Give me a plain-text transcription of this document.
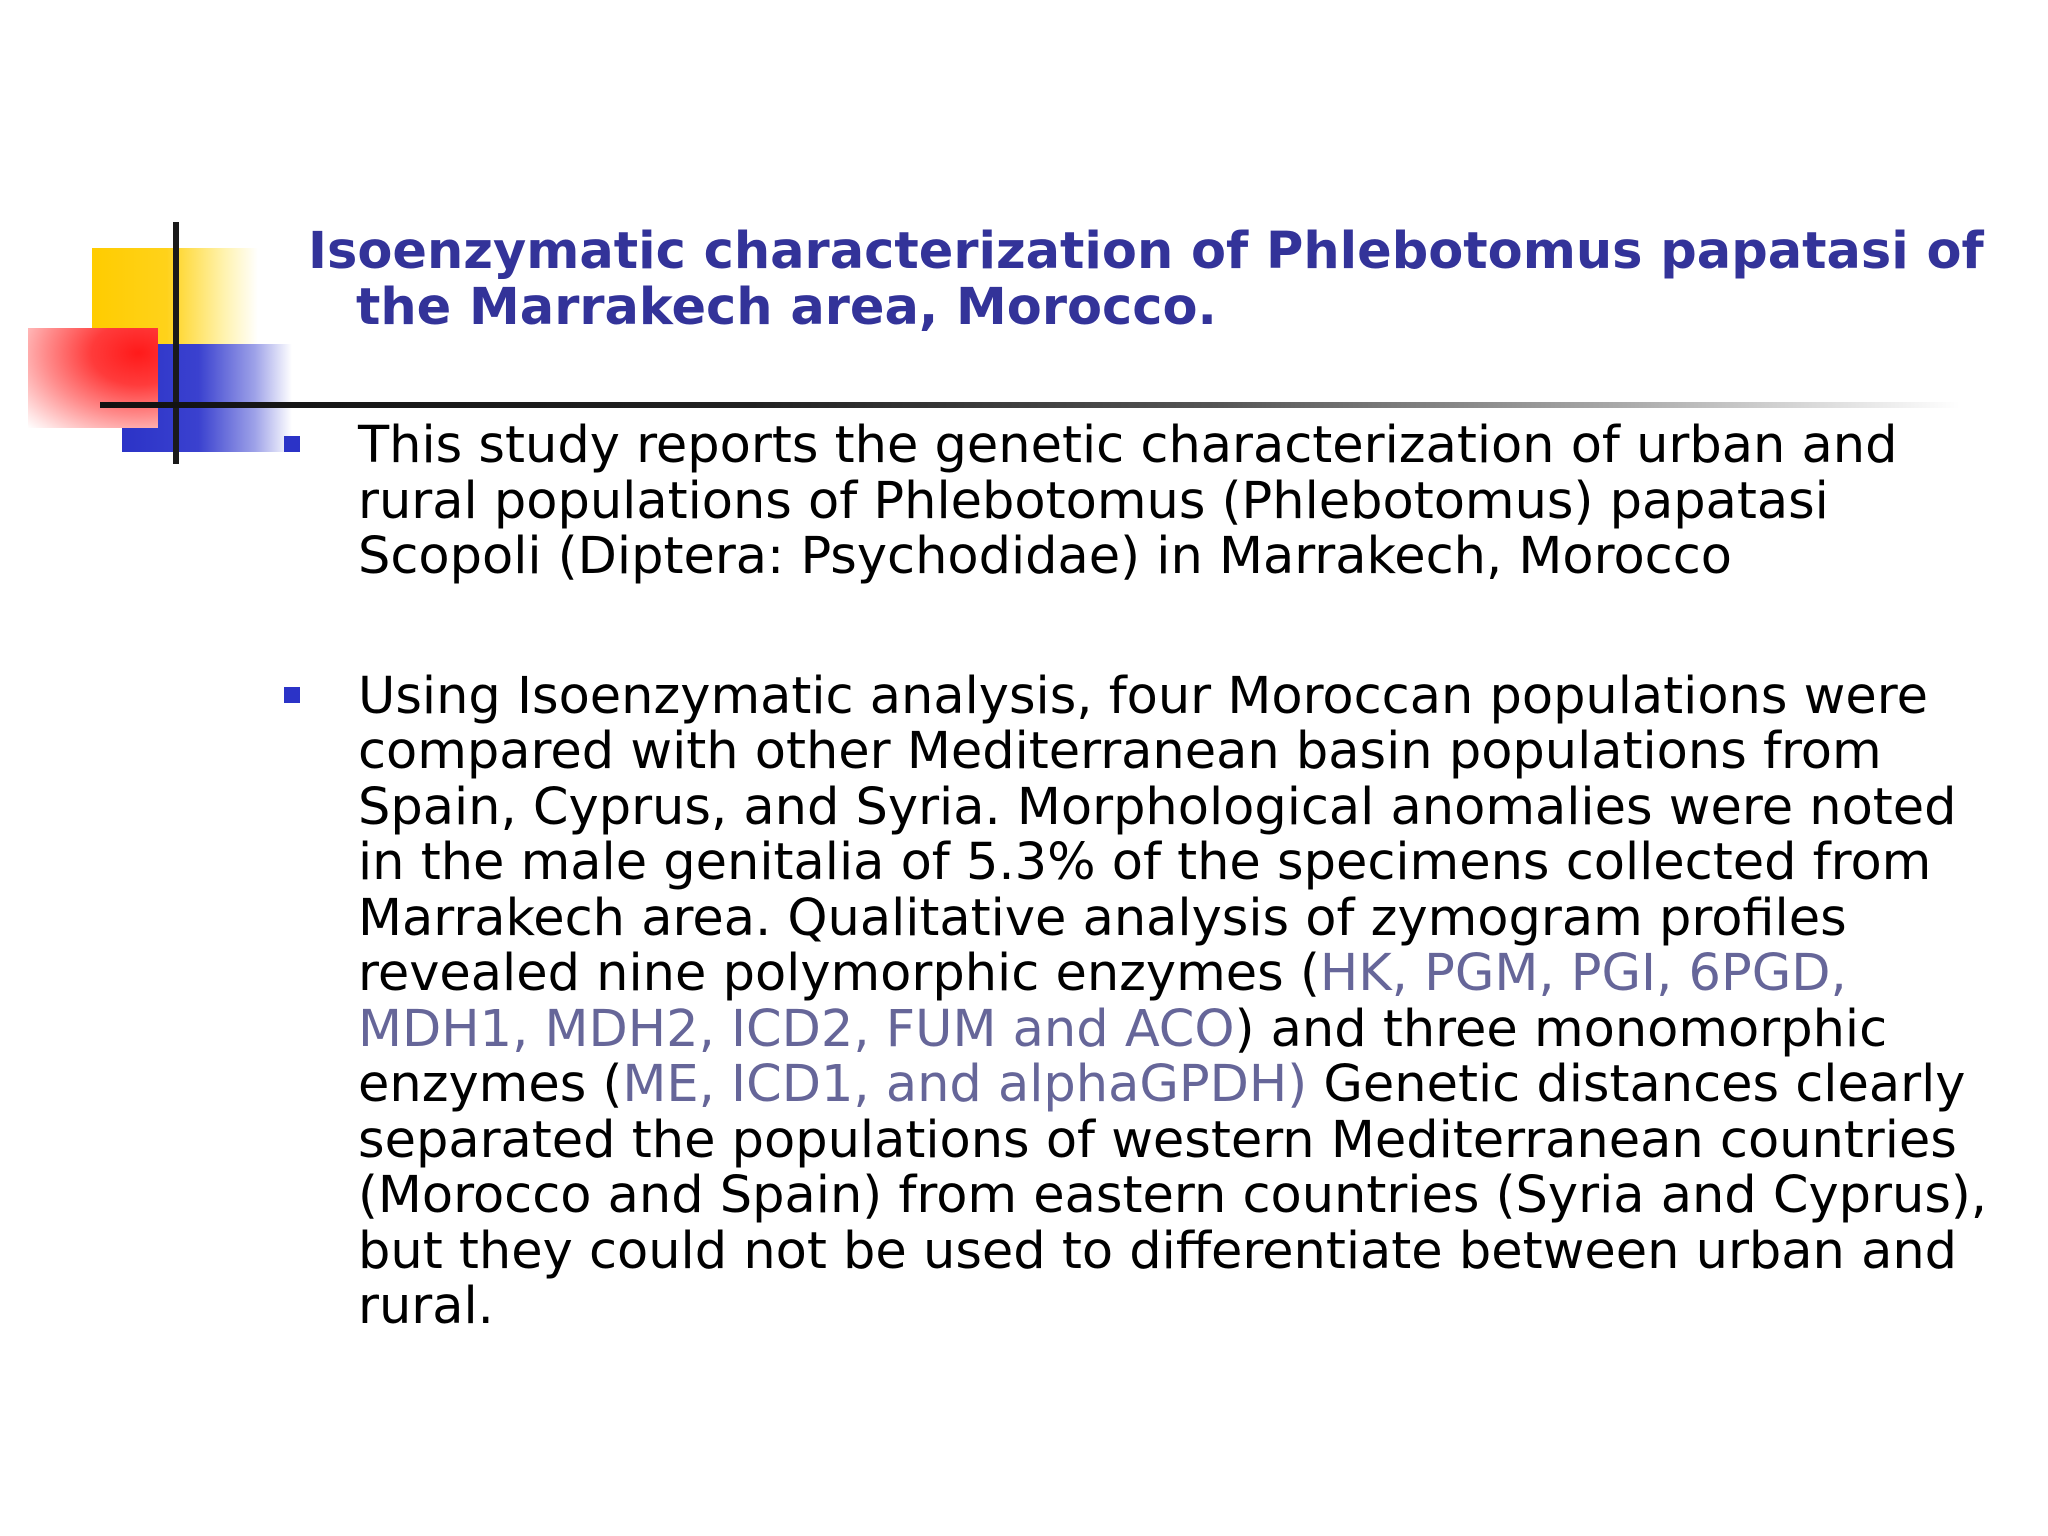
Isoenzymatic characterization of Phlebotomus papatasi of the Marrakech area, Morocco.
This study reports the genetic characterization of urban and rural populations of Phlebotomus (Phlebotomus) papatasi Scopoli (Diptera: Psychodidae) in Marrakech, Morocco
Using Isoenzymatic analysis, four Moroccan populations were compared with other Mediterranean basin populations from Spain, Cyprus, and Syria. Morphological anomalies were noted in the male genitalia of 5.3% of the specimens collected from Marrakech area. Qualitative analysis of zymogram profiles revealed nine polymorphic enzymes (HK, PGM, PGI, 6PGD, MDH1, MDH2, ICD2, FUM and ACO) and three monomorphic enzymes (ME, ICD1, and alphaGPDH) Genetic distances clearly separated the populations of western Mediterranean countries (Morocco and Spain) from eastern countries (Syria and Cyprus), but they could not be used to differentiate between urban and rural.
